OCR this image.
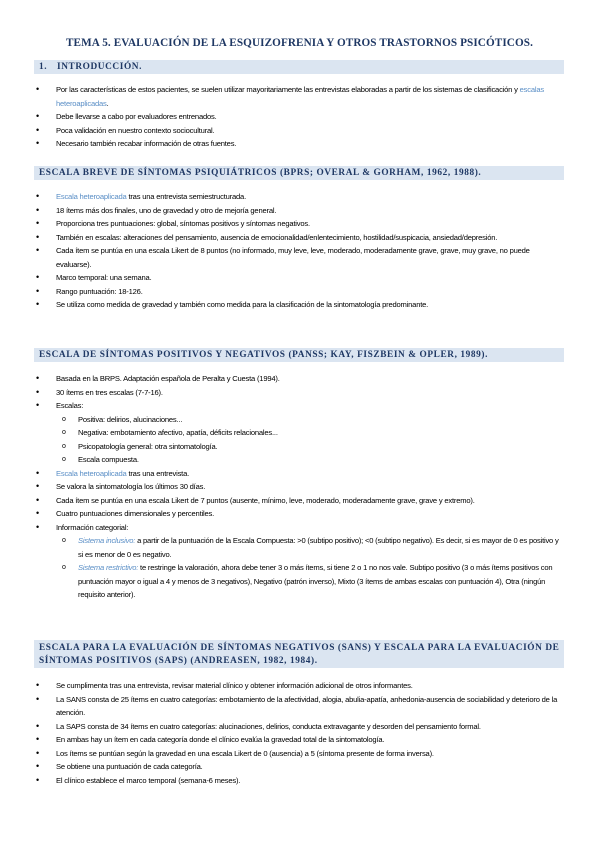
TEMA 5. EVALUACIÓN DE LA ESQUIZOFRENIA Y OTROS TRASTORNOS PSICÓTICOS.
1. INTRODUCCIÓN.
• Por las características de estos pacientes, se suelen utilizar mayoritariamente las entrevistas elaboradas a partir de los sistemas de clasificación y escalas heteroaplicadas.
• Debe llevarse a cabo por evaluadores entrenados.
• Poca validación en nuestro contexto sociocultural.
• Necesario también recabar información de otras fuentes.
ESCALA BREVE DE SÍNTOMAS PSIQUIÁTRICOS (BPRS; OVERAL & GORHAM, 1962, 1988).
• Escala heteroaplicada tras una entrevista semiestructurada.
• 18 ítems más dos finales, uno de gravedad y otro de mejoría general.
• Proporciona tres puntuaciones: global, síntomas positivos y síntomas negativos.
• También en escalas: alteraciones del pensamiento, ausencia de emocionalidad/enlentecimiento, hostilidad/suspicacia, ansiedad/depresión.
• Cada ítem se puntúa en una escala Likert de 8 puntos (no informado, muy leve, leve, moderado, moderadamente grave, grave, muy grave, no puede evaluarse).
• Marco temporal: una semana.
• Rango puntuación: 18-126.
• Se utiliza como medida de gravedad y también como medida para la clasificación de la sintomatología predominante.
ESCALA DE SÍNTOMAS POSITIVOS Y NEGATIVOS (PANSS; KAY, FISZBEIN & OPLER, 1989).
• Basada en la BRPS. Adaptación española de Peralta y Cuesta (1994).
• 30 ítems en tres escalas (7-7-16).
• Escalas:
o Positiva: delirios, alucinaciones...
o Negativa: embotamiento afectivo, apatía, déficits relacionales...
o Psicopatología general: otra sintomatología.
o Escala compuesta.
• Escala heteroaplicada tras una entrevista.
• Se valora la sintomatología los últimos 30 días.
• Cada ítem se puntúa en una escala Likert de 7 puntos (ausente, mínimo, leve, moderado, moderadamente grave, grave y extremo).
• Cuatro puntuaciones dimensionales y percentiles.
• Información categorial:
o Sistema inclusivo: a partir de la puntuación de la Escala Compuesta: >0 (subtipo positivo); <0 (subtipo negativo). Es decir, si es mayor de 0 es positivo y si es menor de 0 es negativo.
o Sistema restrictivo: te restringe la valoración, ahora debe tener 3 o más ítems, si tiene 2 o 1 no nos vale. Subtipo positivo (3 o más ítems positivos con puntuación mayor o igual a 4 y menos de 3 negativos), Negativo (patrón inverso), Mixto (3 ítems de ambas escalas con puntuación 4), Otra (ningún requisito anterior).
ESCALA PARA LA EVALUACIÓN DE SÍNTOMAS NEGATIVOS (SANS) Y ESCALA PARA LA EVALUACIÓN DE SÍNTOMAS POSITIVOS (SAPS) (ANDREASEN, 1982, 1984).
• Se cumplimenta tras una entrevista, revisar material clínico y obtener información adicional de otros informantes.
• La SANS consta de 25 ítems en cuatro categorías: embotamiento de la afectividad, alogia, abulia-apatía, anhedonia-ausencia de sociabilidad y deterioro de la atención.
• La SAPS consta de 34 ítems en cuatro categorías: alucinaciones, delirios, conducta extravagante y desorden del pensamiento formal.
• En ambas hay un ítem en cada categoría donde el clínico evalúa la gravedad total de la sintomatología.
• Los ítems se puntúan según la gravedad en una escala Likert de 0 (ausencia) a 5 (síntoma presente de forma inversa).
• Se obtiene una puntuación de cada categoría.
• El clínico establece el marco temporal (semana-6 meses).
